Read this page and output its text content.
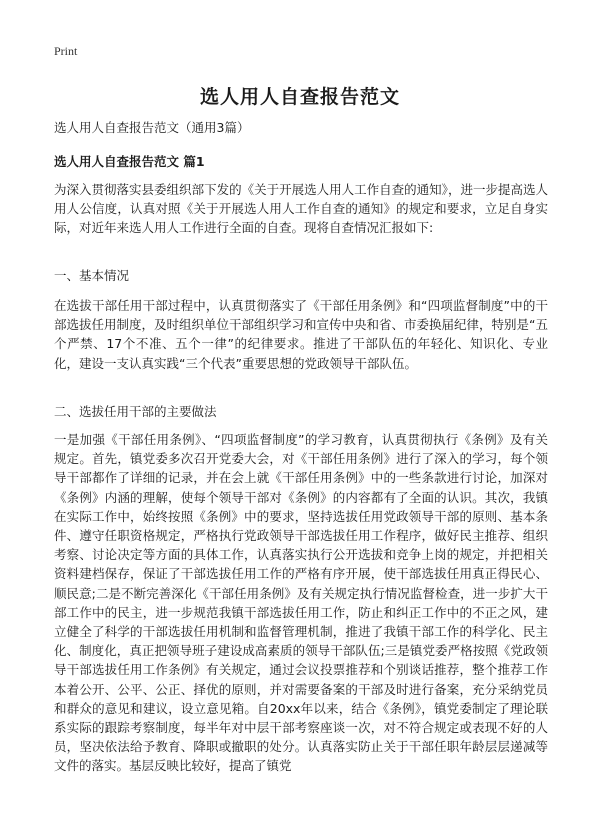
Print
选人用人自查报告范文

选人用人自查报告范文（通用3篇）

选人用人自查报告范文 篇1

为深入贯彻落实县委组织部下发的《关于开展选人用人工作自查的通知》，进一步提高选人用人公信度，认真对照《关于开展选人用人工作自查的通知》的规定和要求，立足自身实际，对近年来选人用人工作进行全面的自查。现将自查情况汇报如下:

一、基本情况

在选拔干部任用干部过程中，认真贯彻落实了《干部任用条例》和“四项监督制度”中的干部选拔任用制度，及时组织单位干部组织学习和宣传中央和省、市委换届纪律，特别是“五个严禁、17个不准、五个一律”的纪律要求。推进了干部队伍的年轻化、知识化、专业化，建设一支认真实践“三个代表”重要思想的党政领导干部队伍。

二、选拔任用干部的主要做法

一是加强《干部任用条例》、“四项监督制度”的学习教育，认真贯彻执行《条例》及有关规定。首先，镇党委多次召开党委大会，对《干部任用条例》进行了深入的学习，每个领导干部都作了详细的记录，并在会上就《干部任用条例》中的一些条款进行讨论，加深对《条例》内涵的理解，使每个领导干部对《条例》的内容都有了全面的认识。其次，我镇在实际工作中，始终按照《条例》中的要求，坚持选拔任用党政领导干部的原则、基本条件、遵守任职资格规定，严格执行党政领导干部选拔任用工作程序，做好民主推荐、组织考察、讨论决定等方面的具体工作，认真落实执行公开选拔和竞争上岗的规定，并把相关资料建档保存，保证了干部选拔任用工作的严格有序开展，使干部选拔任用真正得民心、顺民意;二是不断完善深化《干部任用条例》及有关规定执行情况监督检查，进一步扩大干部工作中的民主，进一步规范我镇干部选拔任用工作，防止和纠正工作中的不正之风，建立健全了科学的干部选拔任用机制和监督管理机制，推进了我镇干部工作的科学化、民主化、制度化，真正把领导班子建设成高素质的领导干部队伍;三是镇党委严格按照《党政领导干部选拔任用工作条例》有关规定，通过会议投票推荐和个别谈话推荐，整个推荐工作本着公开、公平、公正、择优的原则，并对需要备案的干部及时进行备案，充分采纳党员和群众的意见和建议，设立意见箱。自20xx年以来，结合《条例》，镇党委制定了理论联系实际的跟踪考察制度，每半年对中层干部考察座谈一次，对不符合规定或表现不好的人员，坚决依法给予教育、降职或撤职的处分。认真落实防止关于干部任职年龄层层递减等文件的落实。基层反映比较好，提高了镇党
